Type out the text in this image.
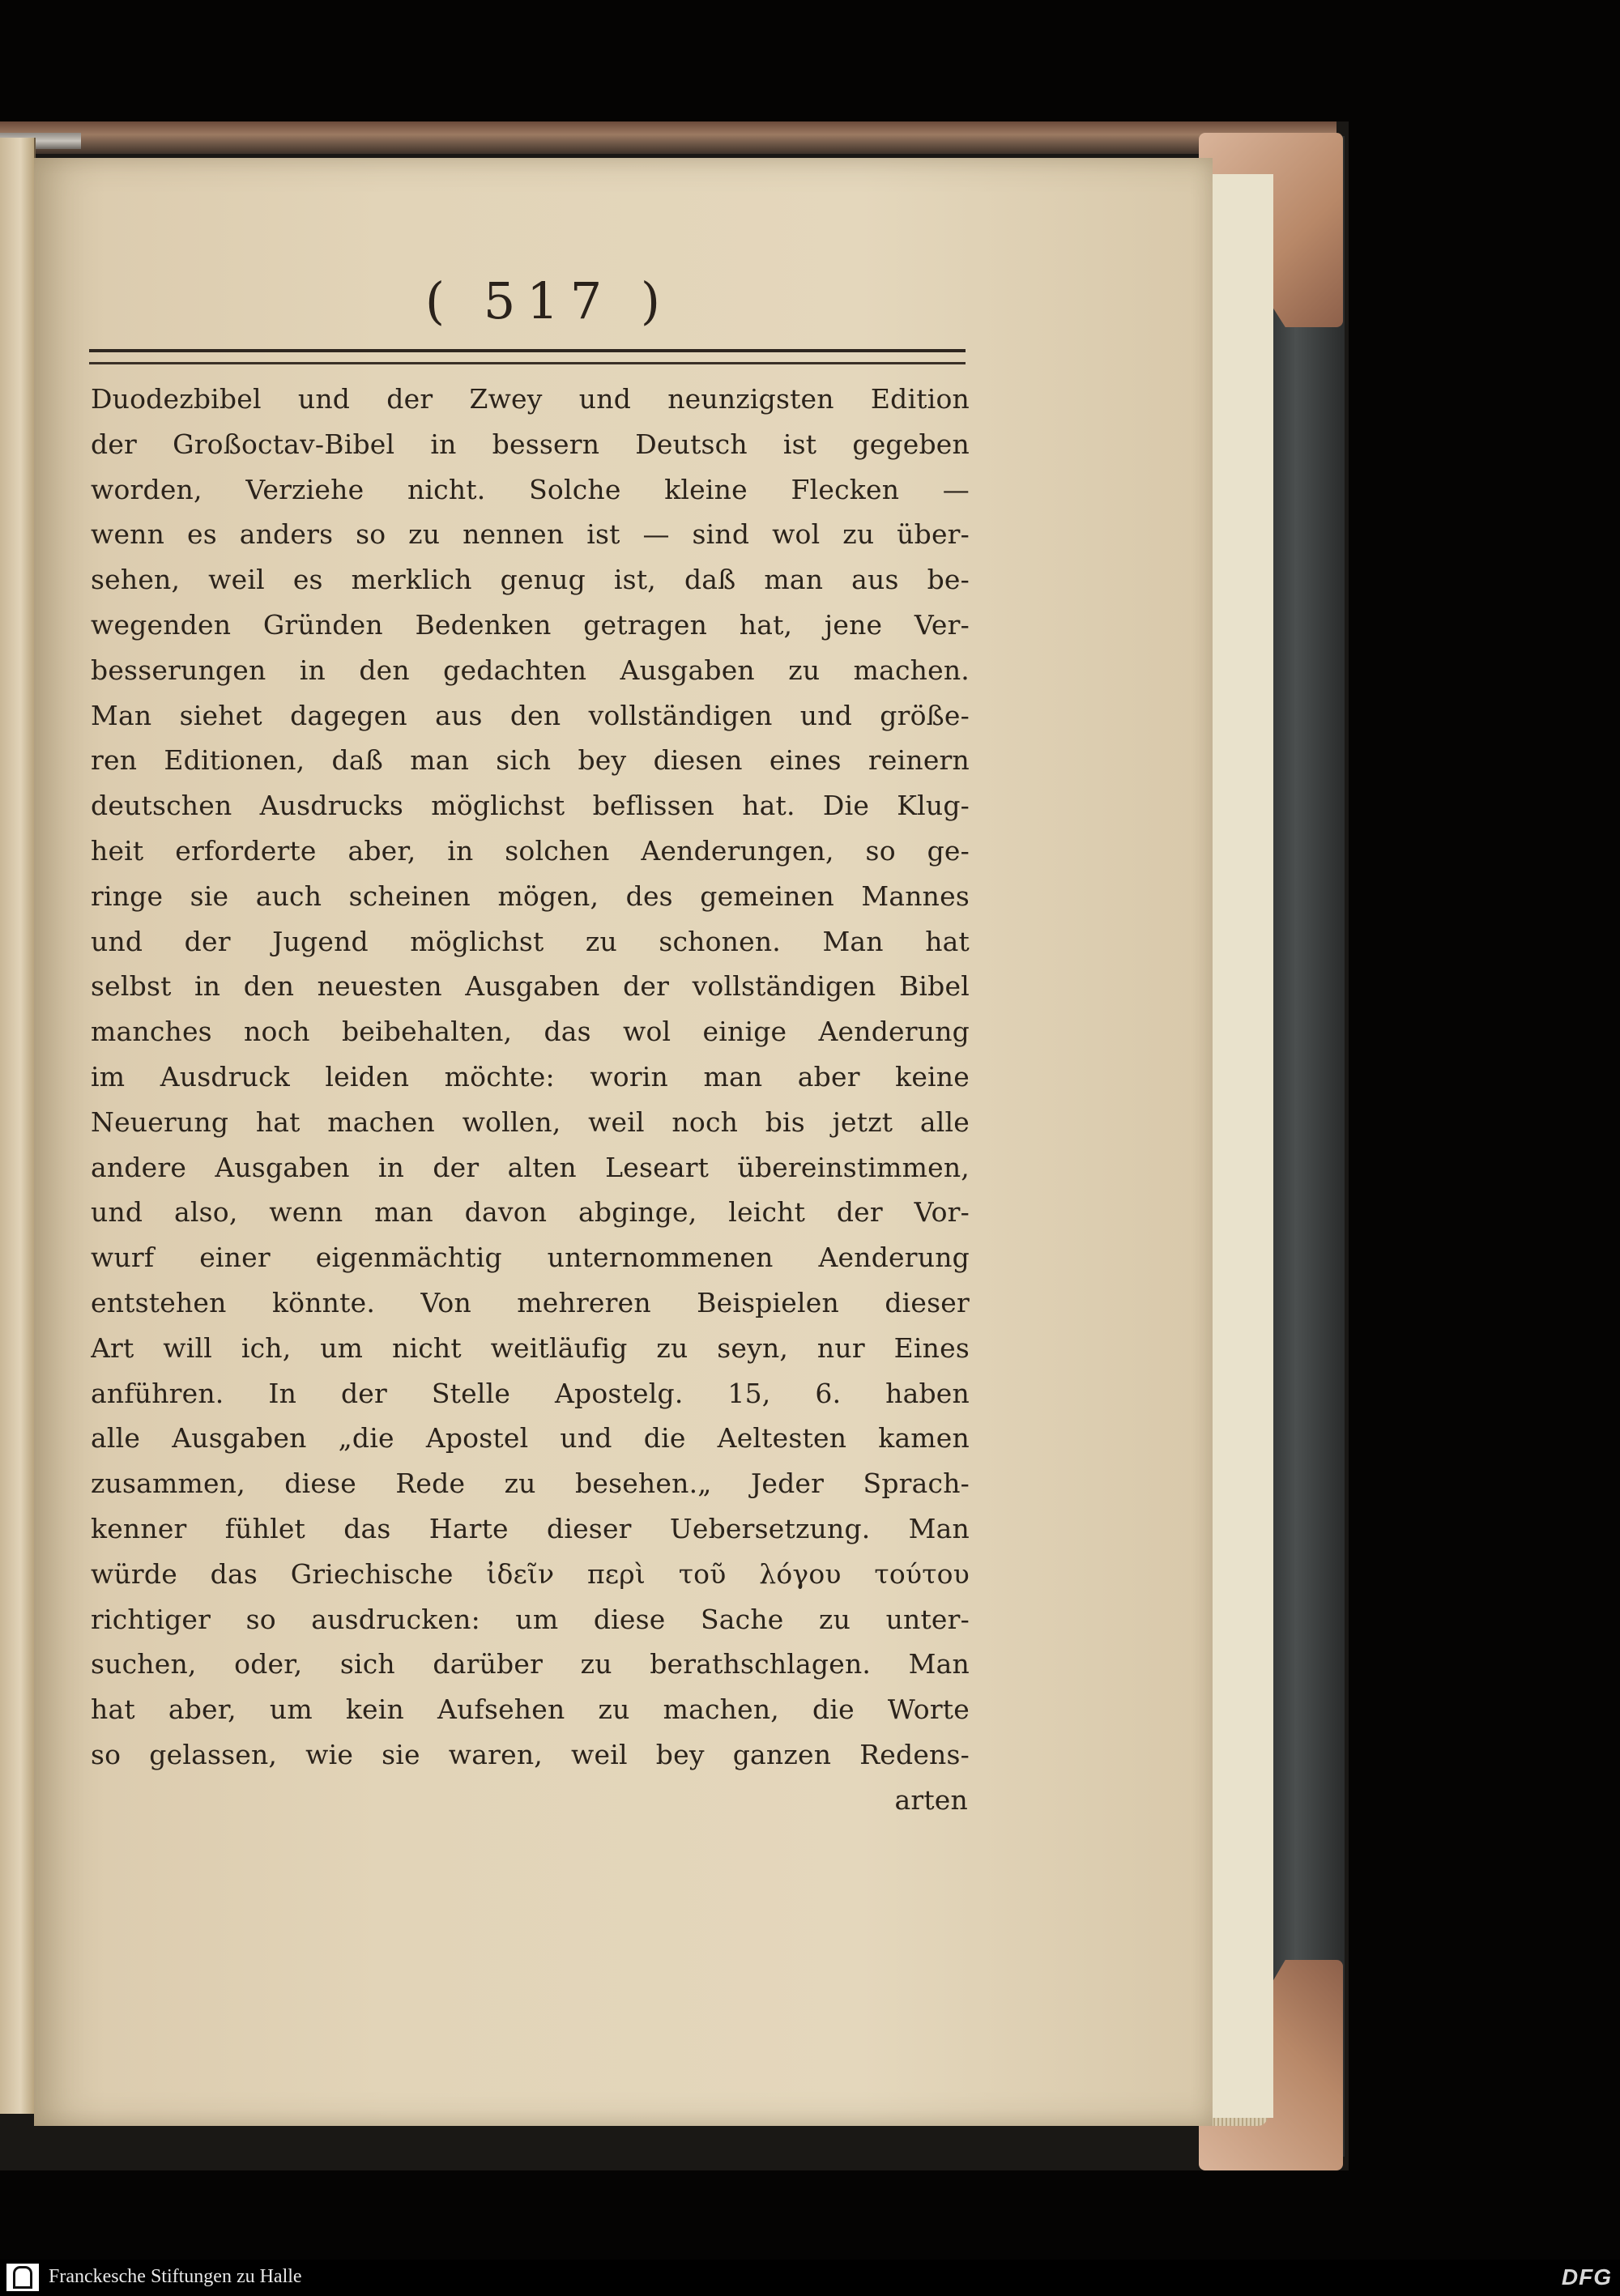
( 517 )
Duodezbibel und der Zwey und neunzigsten Edition
der Großoctav-Bibel in bessern Deutsch ist gegeben
worden, Verziehe nicht. Solche kleine Flecken —
wenn es anders so zu nennen ist — sind wol zu über-
sehen, weil es merklich genug ist, daß man aus be-
wegenden Gründen Bedenken getragen hat, jene Ver-
besserungen in den gedachten Ausgaben zu machen.
Man siehet dagegen aus den vollständigen und größe-
ren Editionen, daß man sich bey diesen eines reinern
deutschen Ausdrucks möglichst beflissen hat. Die Klug-
heit erforderte aber, in solchen Aenderungen, so ge-
ringe sie auch scheinen mögen, des gemeinen Mannes
und der Jugend möglichst zu schonen. Man hat
selbst in den neuesten Ausgaben der vollständigen Bibel
manches noch beibehalten, das wol einige Aenderung
im Ausdruck leiden möchte: worin man aber keine
Neuerung hat machen wollen, weil noch bis jetzt alle
andere Ausgaben in der alten Leseart übereinstimmen,
und also, wenn man davon abginge, leicht der Vor-
wurf einer eigenmächtig unternommenen Aenderung
entstehen könnte. Von mehreren Beispielen dieser
Art will ich, um nicht weitläufig zu seyn, nur Eines
anführen. In der Stelle Apostelg. 15, 6. haben
alle Ausgaben „die Apostel und die Aeltesten kamen
zusammen, diese Rede zu besehen.„ Jeder Sprach-
kenner fühlet das Harte dieser Uebersetzung. Man
würde das Griechische ἰδεῖν περὶ τοῦ λόγου τούτου
richtiger so ausdrucken: um diese Sache zu unter-
suchen, oder, sich darüber zu berathschlagen. Man
hat aber, um kein Aufsehen zu machen, die Worte
so gelassen, wie sie waren, weil bey ganzen Redens-
arten
Franckesche Stiftungen zu Halle	DFG
